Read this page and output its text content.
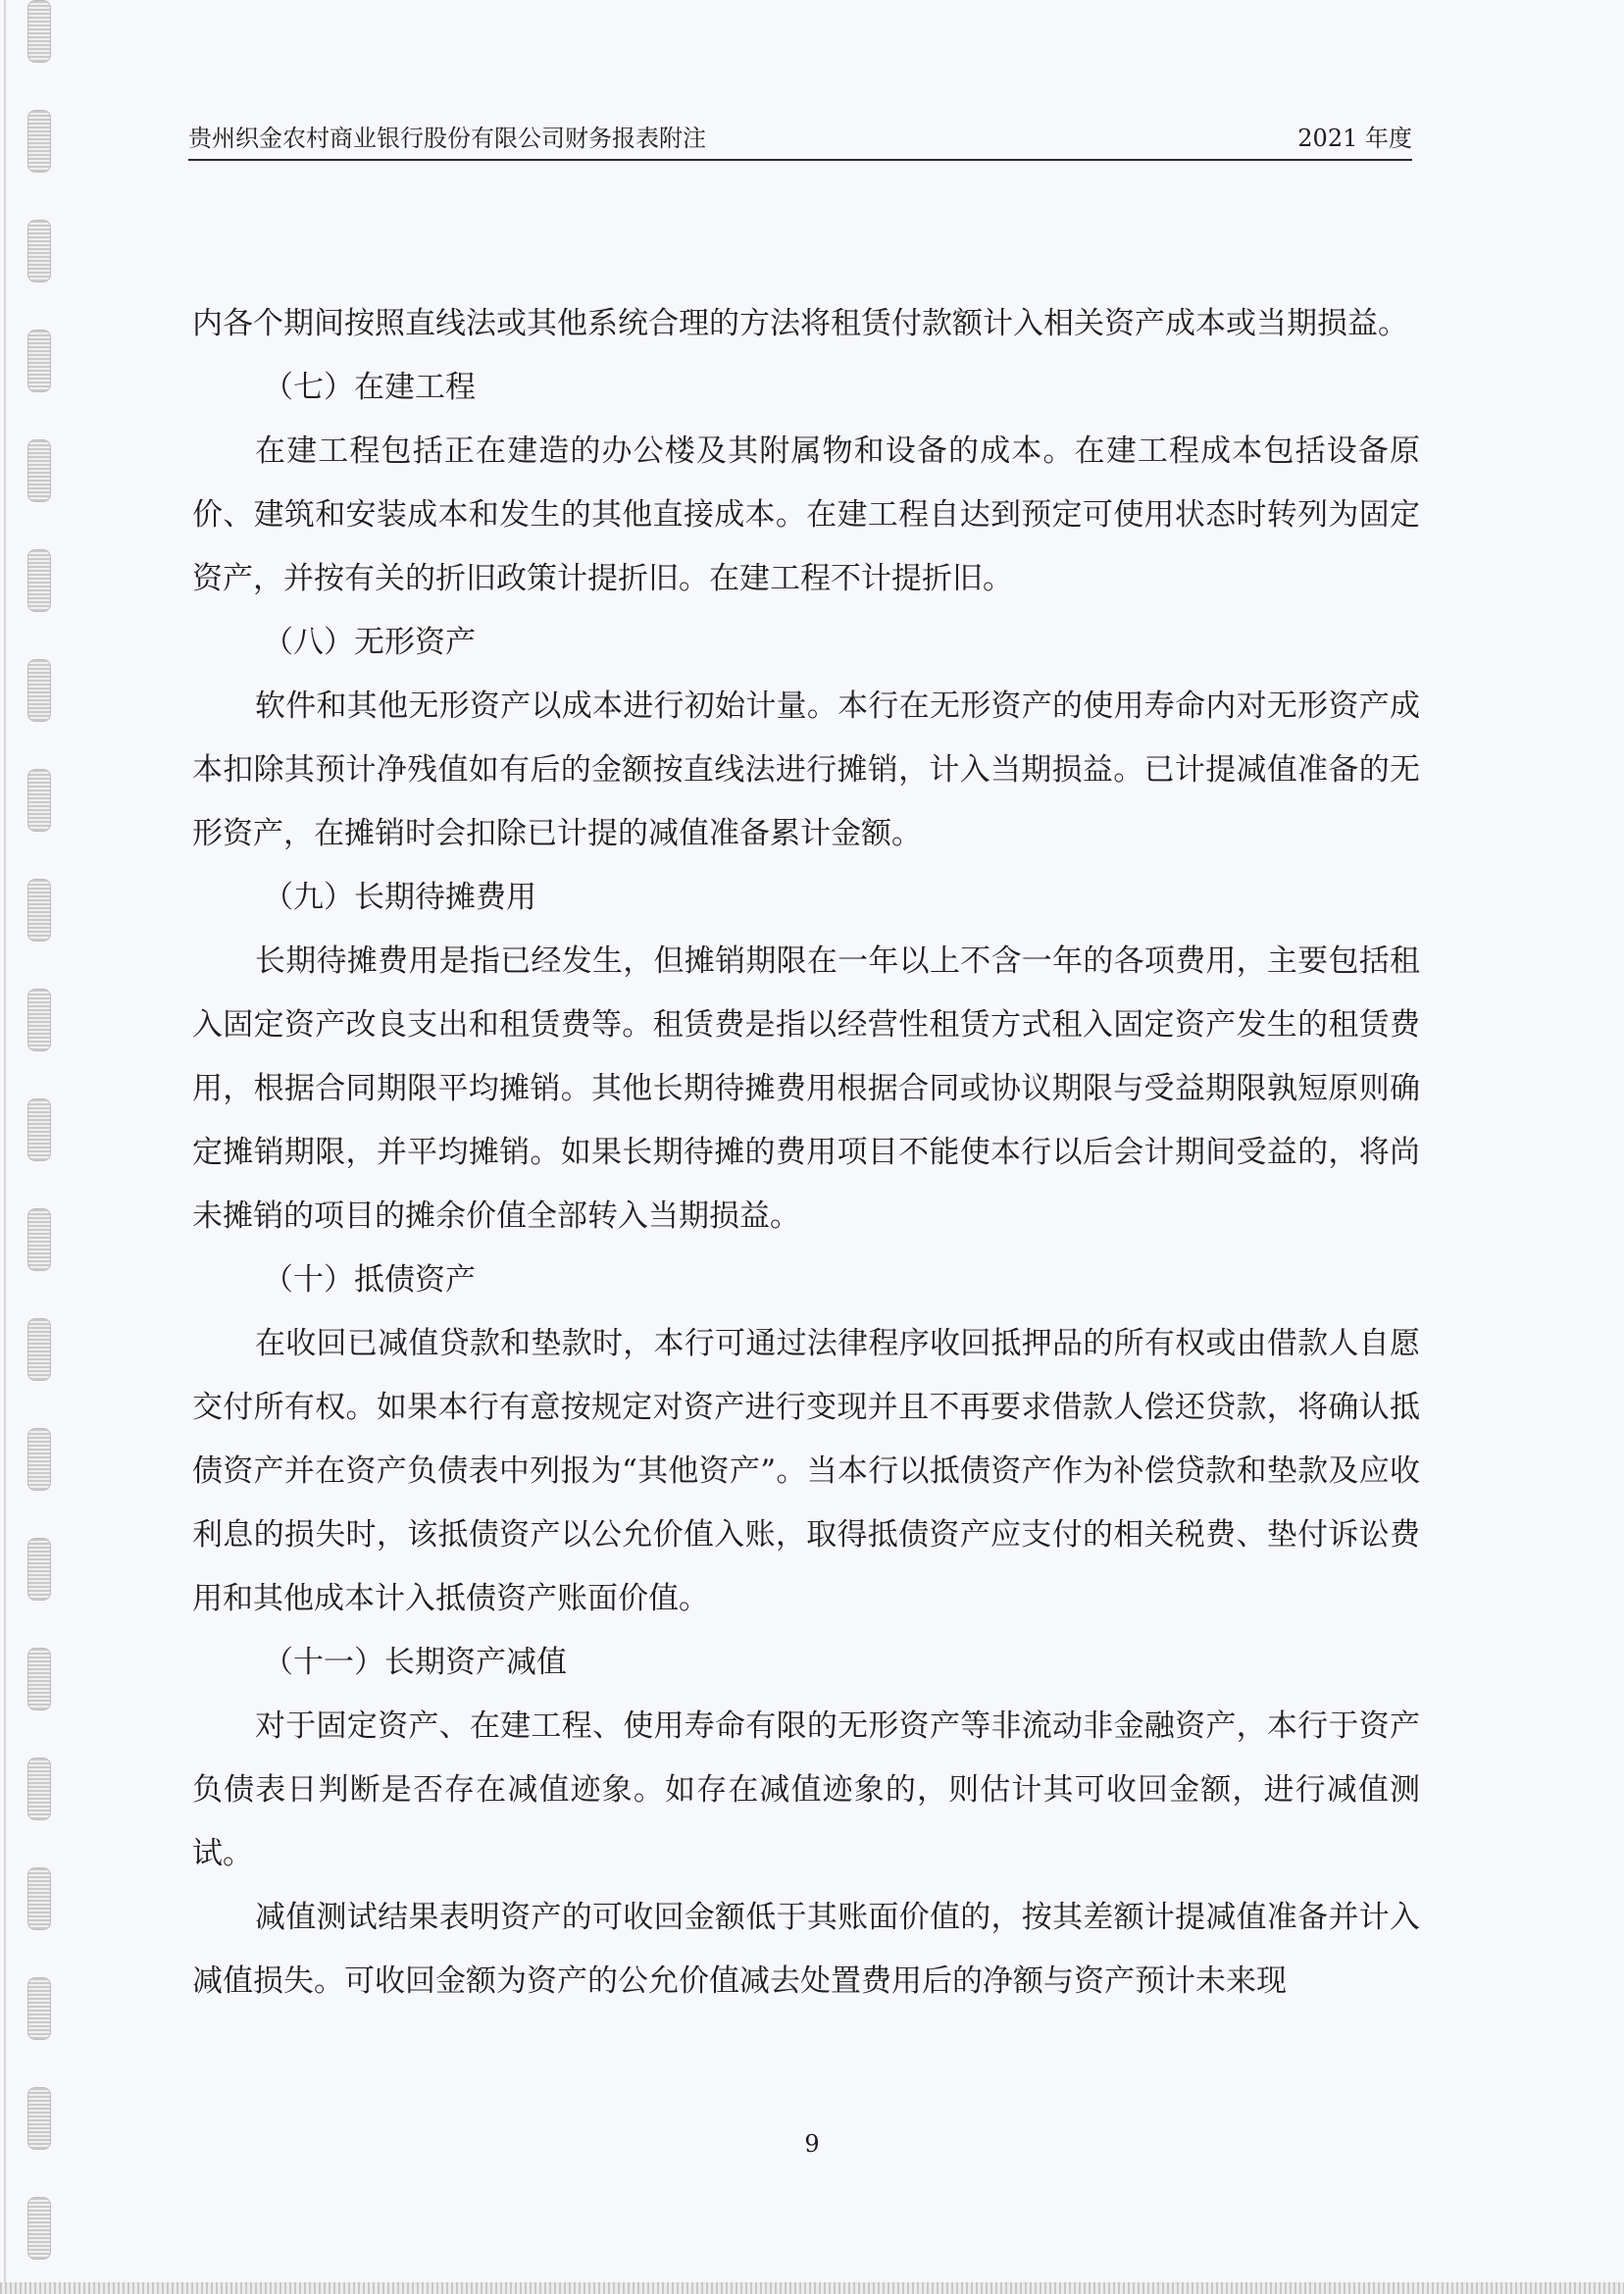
贵州织金农村商业银行股份有限公司财务报表附注	2021 年度

内各个期间按照直线法或其他系统合理的方法将租赁付款额计入相关资产成本或当期损益。

（七）在建工程

在建工程包括正在建造的办公楼及其附属物和设备的成本。在建工程成本包括设备原价、建筑和安装成本和发生的其他直接成本。在建工程自达到预定可使用状态时转列为固定资产，并按有关的折旧政策计提折旧。在建工程不计提折旧。

（八）无形资产

软件和其他无形资产以成本进行初始计量。本行在无形资产的使用寿命内对无形资产成本扣除其预计净残值如有后的金额按直线法进行摊销，计入当期损益。已计提减值准备的无形资产，在摊销时会扣除已计提的减值准备累计金额。

（九）长期待摊费用

长期待摊费用是指已经发生，但摊销期限在一年以上不含一年的各项费用，主要包括租入固定资产改良支出和租赁费等。租赁费是指以经营性租赁方式租入固定资产发生的租赁费用，根据合同期限平均摊销。其他长期待摊费用根据合同或协议期限与受益期限孰短原则确定摊销期限，并平均摊销。如果长期待摊的费用项目不能使本行以后会计期间受益的，将尚未摊销的项目的摊余价值全部转入当期损益。

（十）抵债资产

在收回已减值贷款和垫款时，本行可通过法律程序收回抵押品的所有权或由借款人自愿交付所有权。如果本行有意按规定对资产进行变现并且不再要求借款人偿还贷款，将确认抵债资产并在资产负债表中列报为“其他资产”。当本行以抵债资产作为补偿贷款和垫款及应收利息的损失时，该抵债资产以公允价值入账，取得抵债资产应支付的相关税费、垫付诉讼费用和其他成本计入抵债资产账面价值。

（十一）长期资产减值

对于固定资产、在建工程、使用寿命有限的无形资产等非流动非金融资产，本行于资产负债表日判断是否存在减值迹象。如存在减值迹象的，则估计其可收回金额，进行减值测试。

减值测试结果表明资产的可收回金额低于其账面价值的，按其差额计提减值准备并计入减值损失。可收回金额为资产的公允价值减去处置费用后的净额与资产预计未来现

9
